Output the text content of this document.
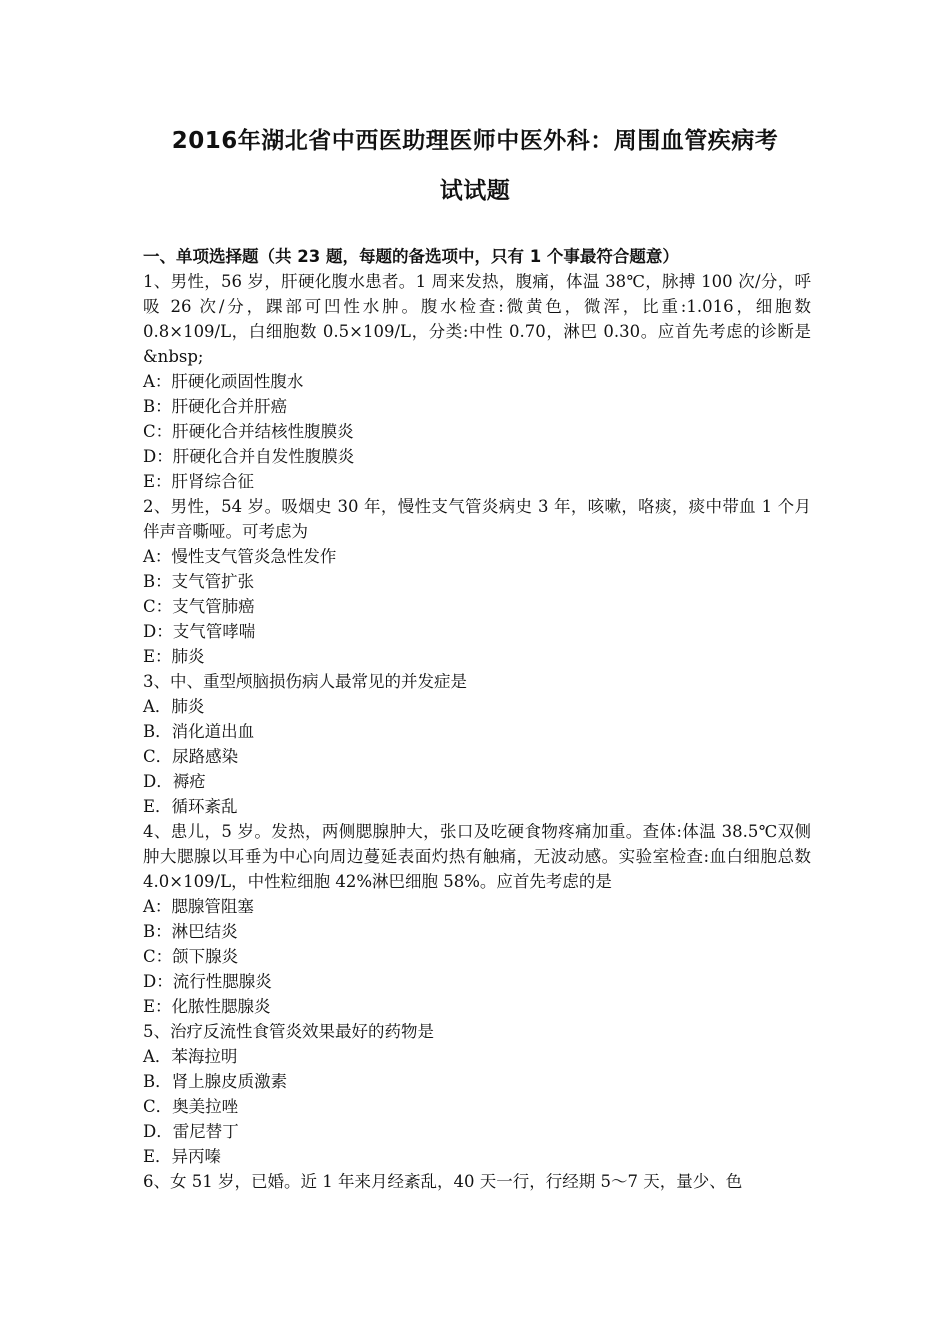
2016年湖北省中西医助理医师中医外科：周围血管疾病考
试试题
一、单项选择题（共 23 题，每题的备选项中，只有 1 个事最符合题意）
1、男性，56 岁，肝硬化腹水患者。1 周来发热，腹痛，体温 38℃，脉搏 100 次/分，呼吸 26 次/分，踝部可凹性水肿。腹水检查:微黄色，微浑，比重:1.016，细胞数 0.8×109/L，白细胞数 0.5×109/L，分类:中性 0.70，淋巴 0.30。应首先考虑的诊断是&nbsp;
A：肝硬化顽固性腹水
B：肝硬化合并肝癌
C：肝硬化合并结核性腹膜炎
D：肝硬化合并自发性腹膜炎
E：肝肾综合征
2、男性，54 岁。吸烟史 30 年，慢性支气管炎病史 3 年，咳嗽，咯痰，痰中带血 1 个月伴声音嘶哑。可考虑为
A：慢性支气管炎急性发作
B：支气管扩张
C：支气管肺癌
D：支气管哮喘
E：肺炎
3、中、重型颅脑损伤病人最常见的并发症是
A．肺炎
B．消化道出血
C．尿路感染
D．褥疮
E．循环紊乱
4、患儿，5 岁。发热，两侧腮腺肿大，张口及吃硬食物疼痛加重。查体:体温 38.5℃双侧肿大腮腺以耳垂为中心向周边蔓延表面灼热有触痛，无波动感。实验室检查:血白细胞总数 4.0×109/L，中性粒细胞 42%淋巴细胞 58%。应首先考虑的是
A：腮腺管阻塞
B：淋巴结炎
C：颌下腺炎
D：流行性腮腺炎
E：化脓性腮腺炎
5、治疗反流性食管炎效果最好的药物是
A．苯海拉明
B．肾上腺皮质激素
C．奥美拉唑
D．雷尼替丁
E．异丙嗪
6、女 51 岁，已婚。近 1 年来月经紊乱，40 天一行，行经期 5～7 天，量少、色
